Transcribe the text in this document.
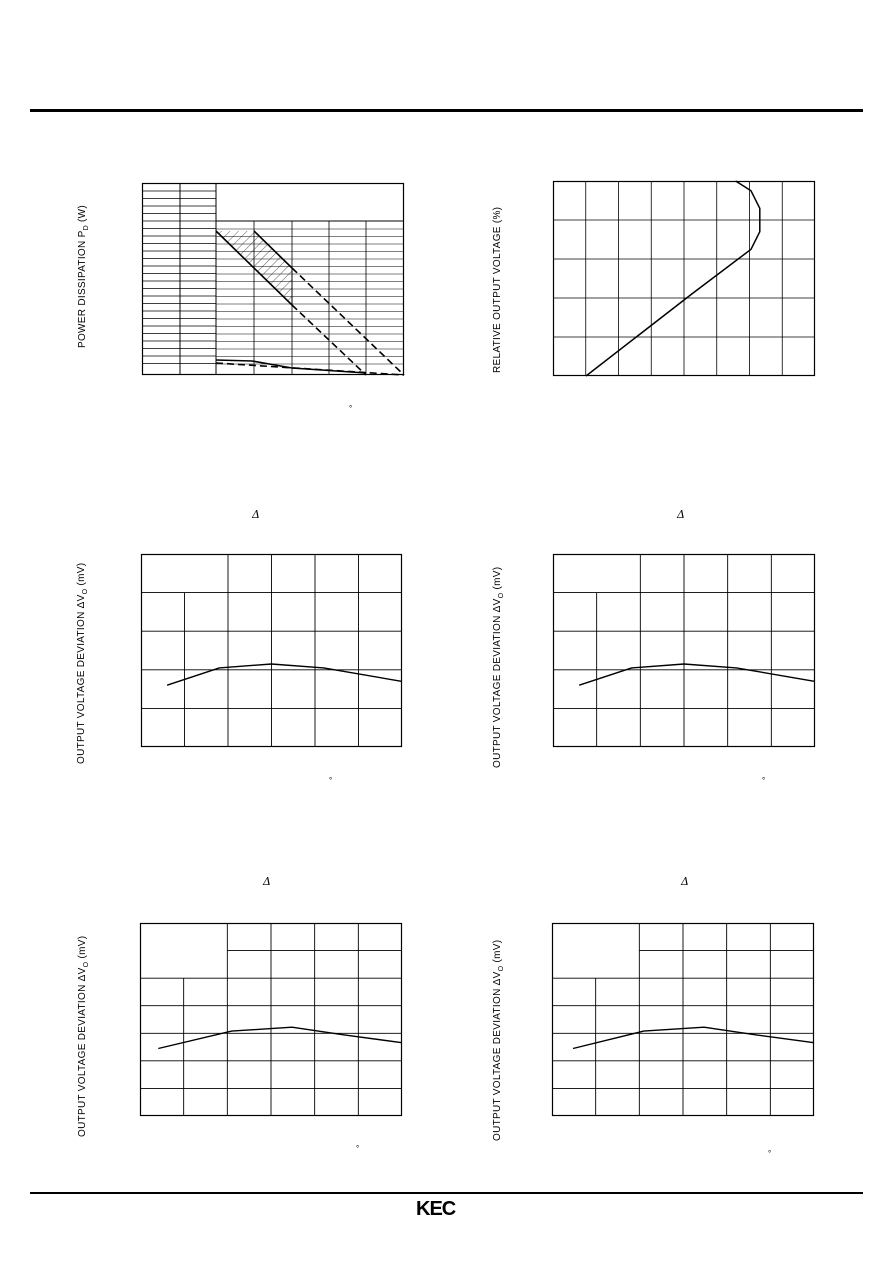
POWER DISSIPATION $P_D$ (W)
°
RELATIVE OUTPUT VOLTAGE (%)
Δ
OUTPUT VOLTAGE DEVIATION $\Delta V_O$ (mV)
°
Δ
OUTPUT VOLTAGE DEVIATION $\Delta V_O$ (mV)
°
Δ
OUTPUT VOLTAGE DEVIATION $\Delta V_O$ (mV)
°
Δ
OUTPUT VOLTAGE DEVIATION $\Delta V_O$ (mV)
°
KEC
